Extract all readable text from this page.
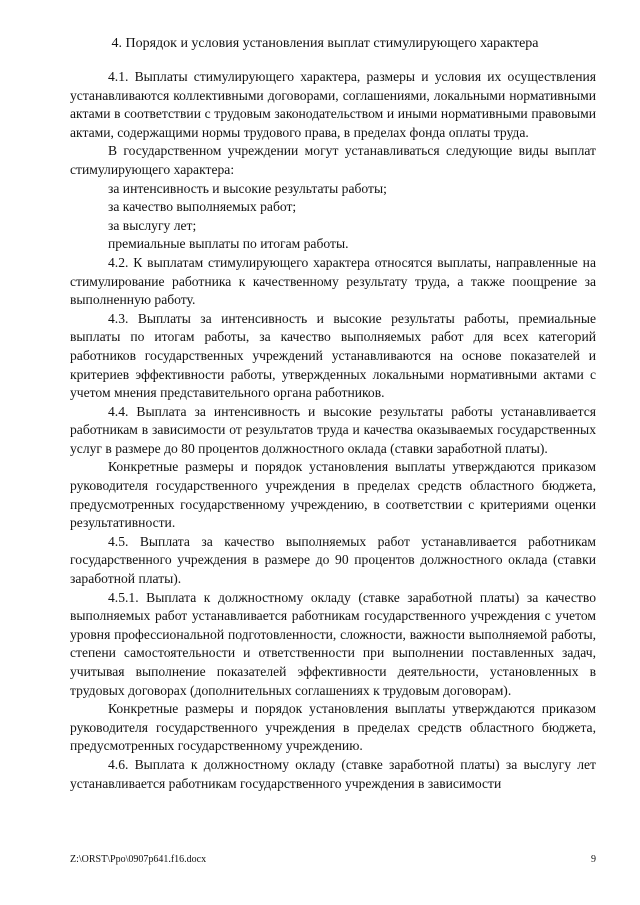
4. Порядок и условия установления выплат стимулирующего характера

4.1. Выплаты стимулирующего характера, размеры и условия их осуществления устанавливаются коллективными договорами, соглашениями, локальными нормативными актами в соответствии с трудовым законодательством и иными нормативными правовыми актами, содержащими нормы трудового права, в пределах фонда оплаты труда.

В государственном учреждении могут устанавливаться следующие виды выплат стимулирующего характера:

за интенсивность и высокие результаты работы;

за качество выполняемых работ;

за выслугу лет;

премиальные выплаты по итогам работы.

4.2. К выплатам стимулирующего характера относятся выплаты, направленные на стимулирование работника к качественному результату труда, а также поощрение за выполненную работу.

4.3. Выплаты за интенсивность и высокие результаты работы, премиальные выплаты по итогам работы, за качество выполняемых работ для всех категорий работников государственных учреждений устанавливаются на основе показателей и критериев эффективности работы, утвержденных локальными нормативными актами с учетом мнения представительного органа работников.

4.4. Выплата за интенсивность и высокие результаты работы устанавливается работникам в зависимости от результатов труда и качества оказываемых государственных услуг в размере до 80 процентов должностного оклада (ставки заработной платы).

Конкретные размеры и порядок установления выплаты утверждаются приказом руководителя государственного учреждения в пределах средств областного бюджета, предусмотренных государственному учреждению, в соответствии с критериями оценки результативности.

4.5. Выплата за качество выполняемых работ устанавливается работникам государственного учреждения в размере до 90 процентов должностного оклада (ставки заработной платы).

4.5.1. Выплата к должностному окладу (ставке заработной платы) за качество выполняемых работ устанавливается работникам государственного учреждения с учетом уровня профессиональной подготовленности, сложности, важности выполняемой работы, степени самостоятельности и ответственности при выполнении поставленных задач, учитывая выполнение показателей эффективности деятельности, установленных в трудовых договорах (дополнительных соглашениях к трудовым договорам).

Конкретные размеры и порядок установления выплаты утверждаются приказом руководителя государственного учреждения в пределах средств областного бюджета, предусмотренных государственному учреждению.

4.6. Выплата к должностному окладу (ставке заработной платы) за выслугу лет устанавливается работникам государственного учреждения в зависимости

Z:\ORST\Ppo\0907p641.f16.docx	9
